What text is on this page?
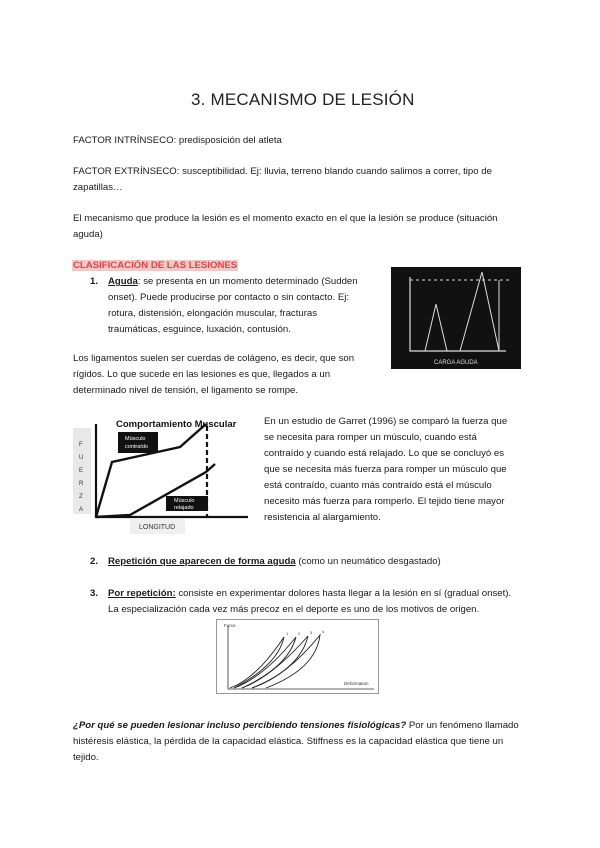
3. MECANISMO DE LESIÓN
FACTOR INTRÍNSECO: predisposición del atleta
FACTOR EXTRÍNSECO: susceptibilidad. Ej: lluvia, terreno blando cuando salimos a correr, tipo de
zapatillas…
El mecanismo que produce la lesión es el momento exacto en el que la lesión se produce (situación
aguda)
CLASIFICACIÓN DE LAS LESIONES
1. Aguda: se presenta en un momento determinado (Sudden
onset). Puede producirse por contacto o sin contacto. Ej:
rotura, distensión, elongación muscular, fracturas
traumáticas, esguince, luxación, contusión.
CARGA AGUDA
Los ligamentos suelen ser cuerdas de colágeno, es decir, que son
rígidos. Lo que sucede en las lesiones es que, llegados a un
determinado nivel de tensión, el ligamento se rompe.
Comportamiento Muscular
F
U
E
R
Z
A
Músculo
contraído
Músculo
relajado
LONGITUD
En un estudio de Garret (1996) se comparó la fuerza que
se necesita para romper un músculo, cuando está
contraído y cuando está relajado. Lo que se concluyó es
que se necesita más fuerza para romper un músculo que
está contraído, cuanto más contraído está el músculo
necesito más fuerza para romperlo. El tejido tiene mayor
resistencia al alargamiento.
2. Repetición que aparecen de forma aguda (como un neumático desgastado)
3. Por repetición: consiste en experimentar dolores hasta llegar a la lesión en sí (gradual onset).
La especialización cada vez más precoz en el deporte es uno de los motivos de origen.
Force
Deformation
1 2 3 4
¿Por qué se pueden lesionar incluso percibiendo tensiones fisiológicas? Por un fenómeno llamado
histéresis elástica, la pérdida de la capacidad elástica. Stiffness es la capacidad elástica que tiene un
tejido.
